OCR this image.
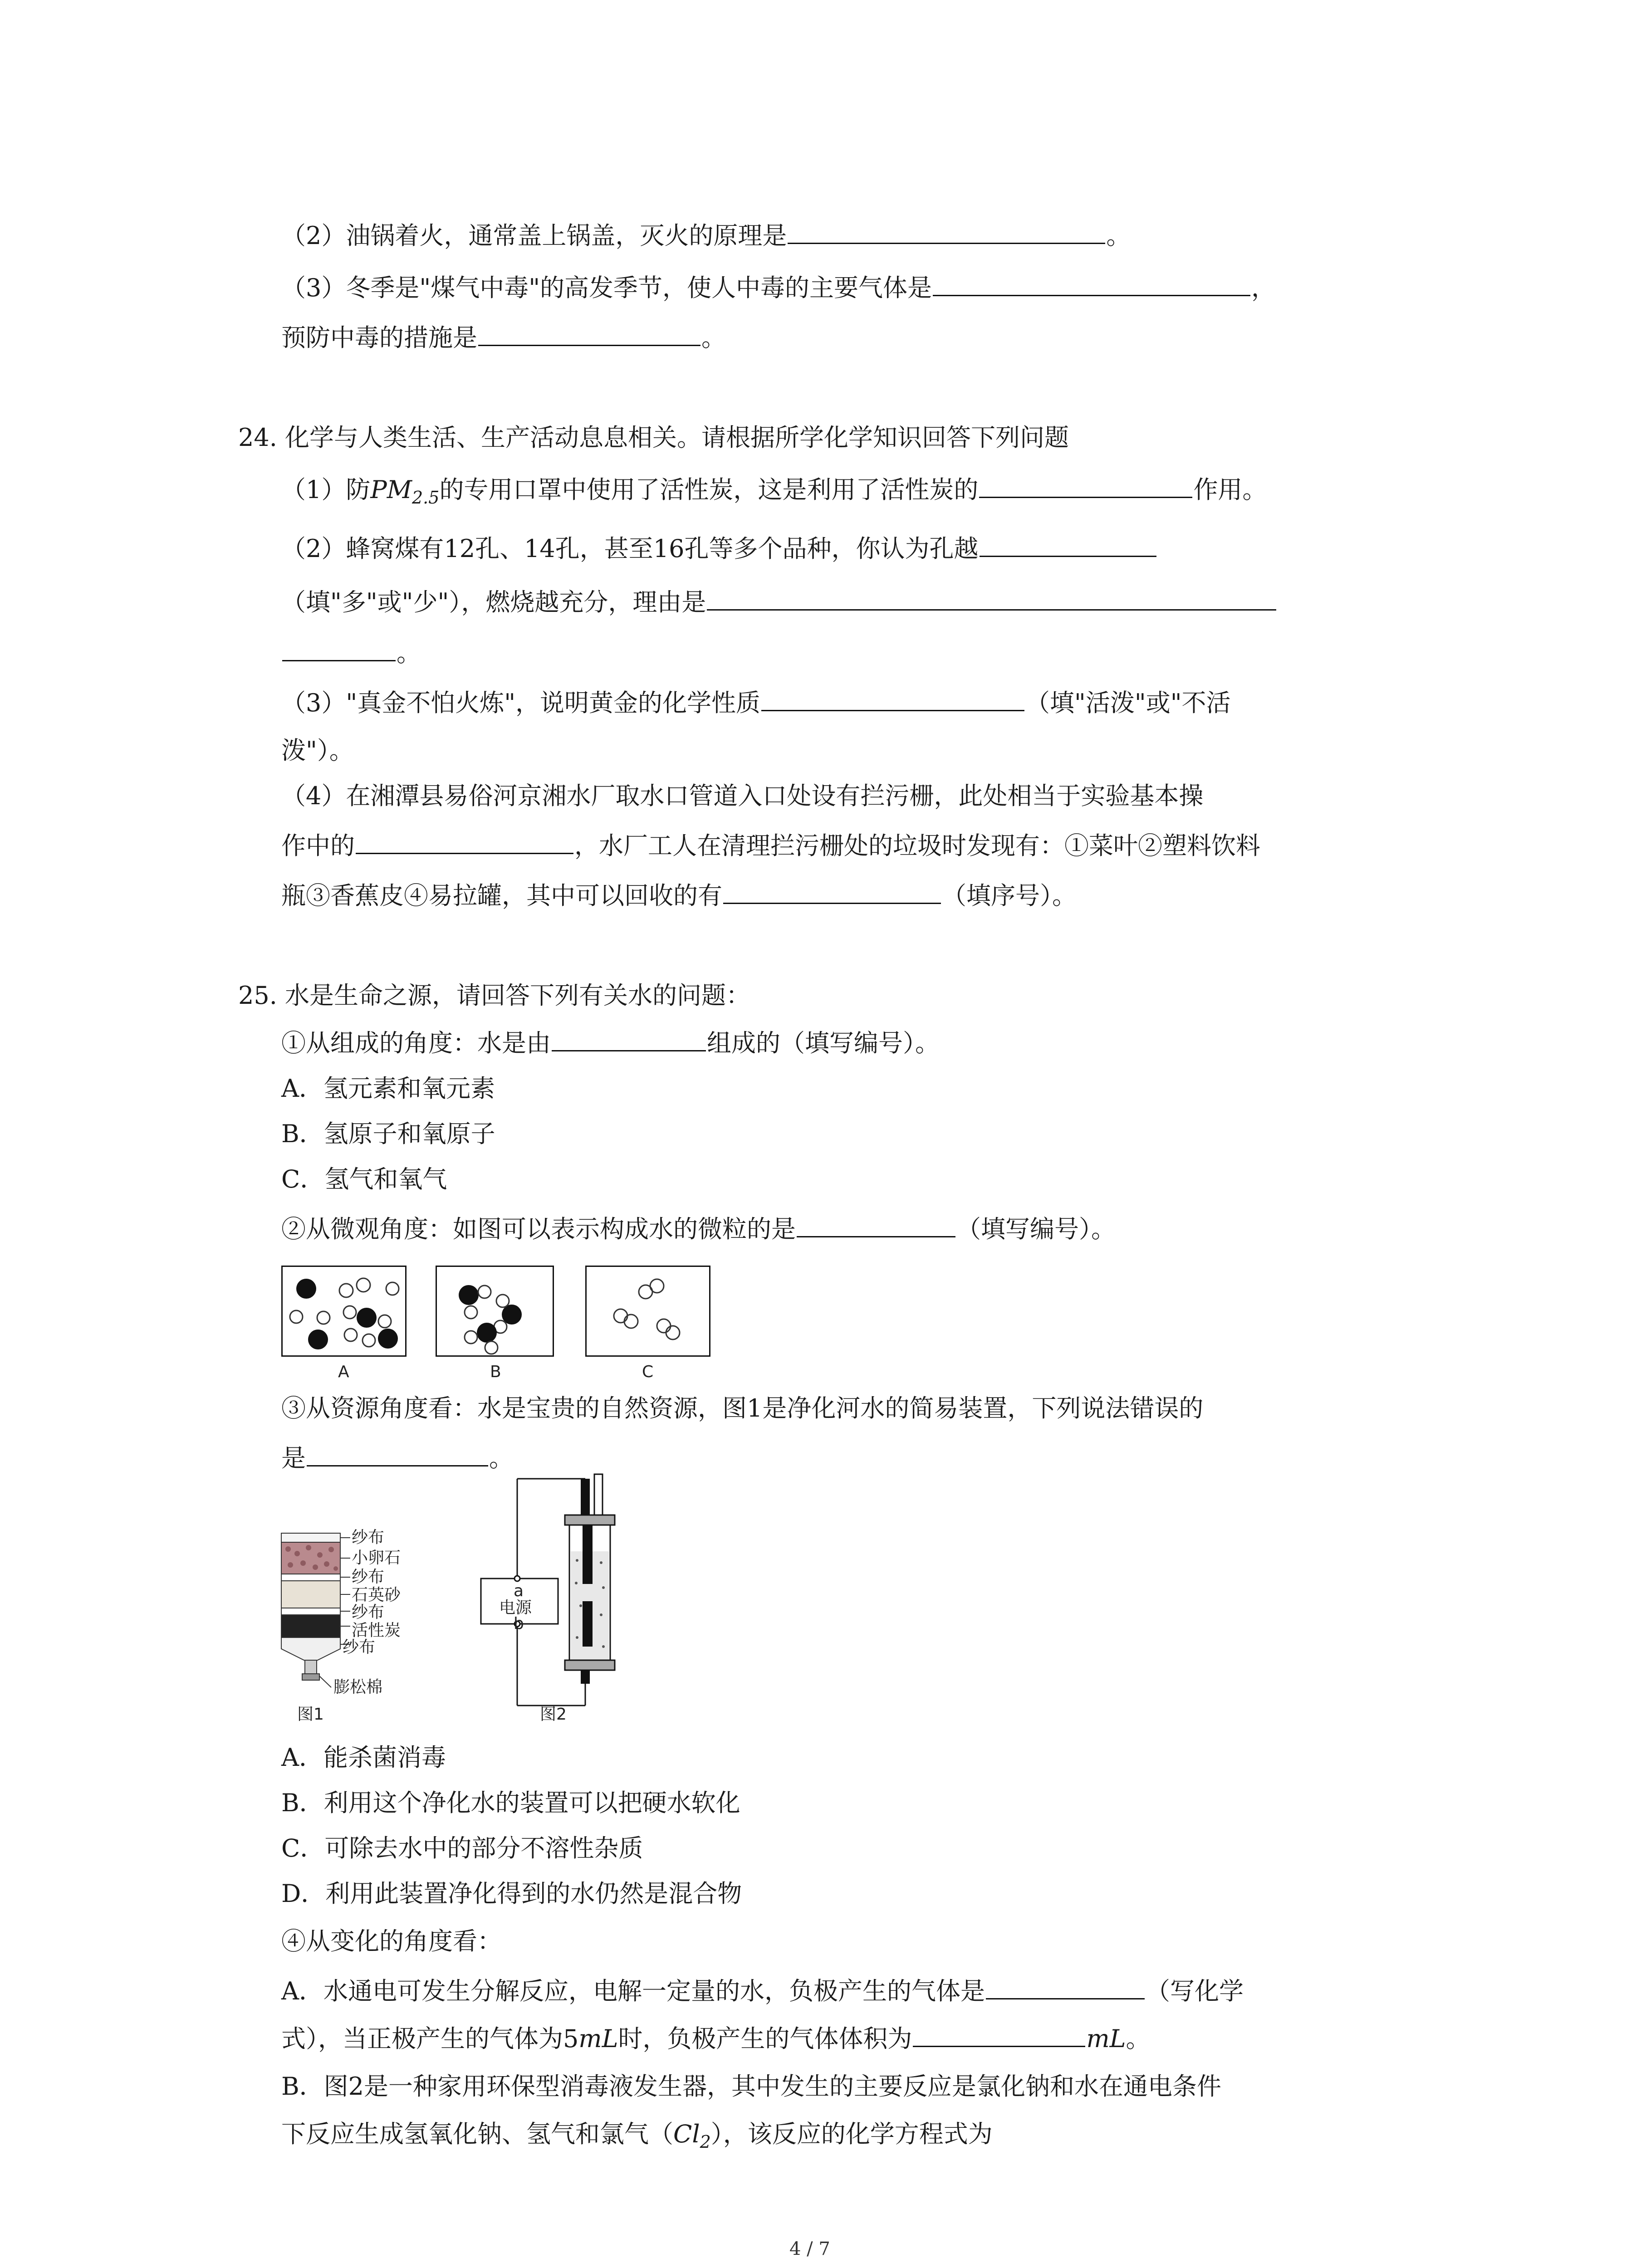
（2）油锅着火，通常盖上锅盖，灭火的原理是	。
（3）冬季是"煤气中毒"的高发季节，使人中毒的主要气体是	，
预防中毒的措施是	。
24. 化学与人类生活、生产活动息息相关。请根据所学化学知识回答下列问题
（1）防$PM_{2.5}$的专用口罩中使用了活性炭，这是利用了活性炭的	作用。
（2）蜂窝煤有12孔、14孔，甚至16孔等多个品种，你认为孔越
（填"多"或"少"），燃烧越充分，理由是
。
（3）"真金不怕火炼"，说明黄金的化学性质	（填"活泼"或"不活
泼"）。
（4）在湘潭县易俗河京湘水厂取水口管道入口处设有拦污栅，此处相当于实验基本操
作中的	，水厂工人在清理拦污栅处的垃圾时发现有：①菜叶②塑料饮料
瓶③香蕉皮④易拉罐，其中可以回收的有	（填序号）。
25. 水是生命之源，请回答下列有关水的问题：
①从组成的角度：水是由	组成的（填写编号）。
A．氢元素和氧元素
B．氢原子和氧原子
C．氢气和氧气
②从微观角度：如图可以表示构成水的微粒的是	（填写编号）。
A	B	C
③从资源角度看：水是宝贵的自然资源，图1是净化河水的简易装置，下列说法错误的
是	。
纱布
小卵石
纱布
石英砂
纱布
活性炭
纱布
膨松棉
图1
a
电源
b
图2
A．能杀菌消毒
B．利用这个净化水的装置可以把硬水软化
C．可除去水中的部分不溶性杂质
D．利用此装置净化得到的水仍然是混合物
④从变化的角度看：
A．水通电可发生分解反应，电解一定量的水，负极产生的气体是	（写化学
式），当正极产生的气体为5mL时，负极产生的气体体积为	mL。
B．图2是一种家用环保型消毒液发生器，其中发生的主要反应是氯化钠和水在通电条件
下反应生成氢氧化钠、氢气和氯气$(Cl_2)$，该反应的化学方程式为
4 / 7
